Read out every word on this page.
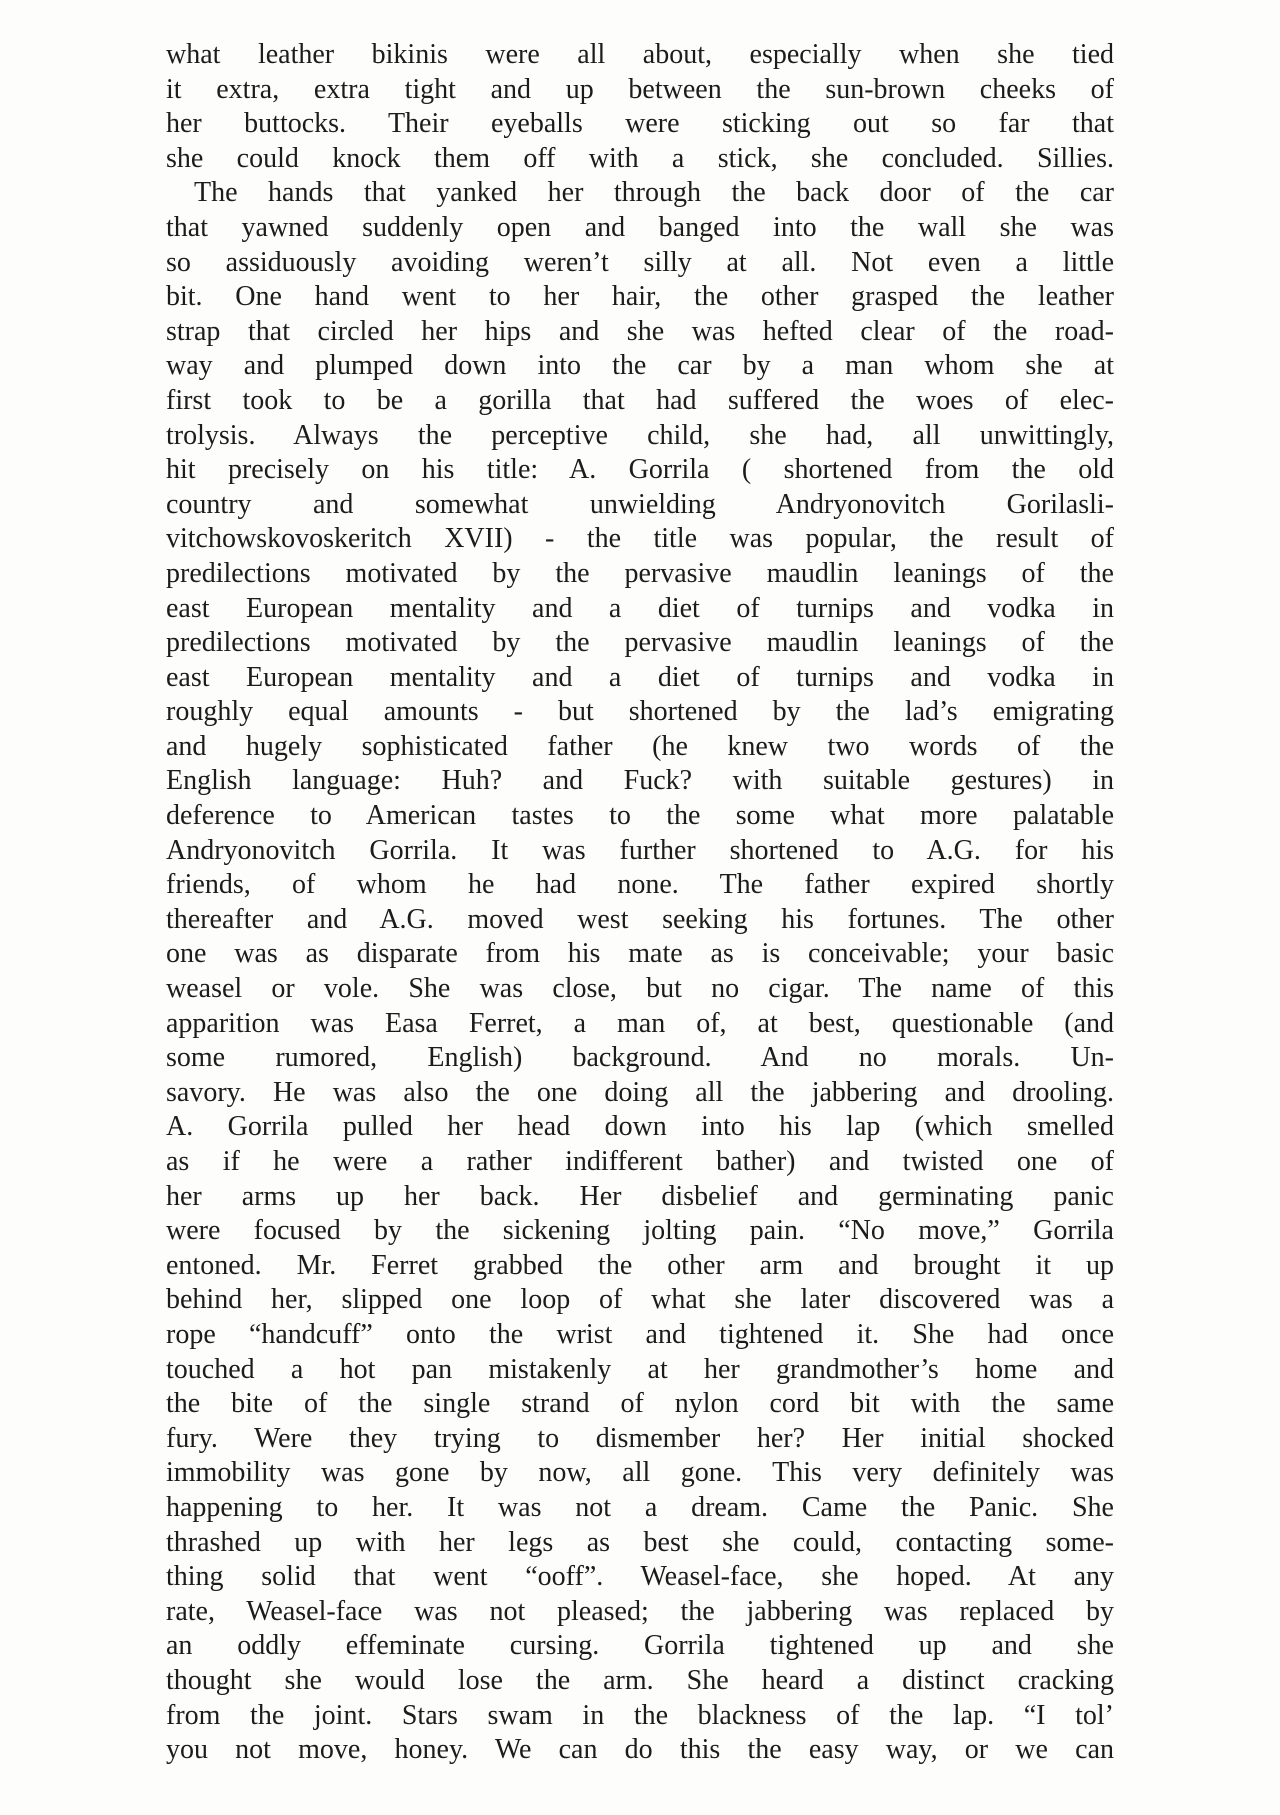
what leather bikinis were all about, especially when she tied
it extra, extra tight and up between the sun-brown cheeks of
her buttocks. Their eyeballs were sticking out so far that
she could knock them off with a stick, she concluded. Sillies.
 The hands that yanked her through the back door of the car
that yawned suddenly open and banged into the wall she was
so assiduously avoiding weren’t silly at all. Not even a little
bit. One hand went to her hair, the other grasped the leather
strap that circled her hips and she was hefted clear of the road-
way and plumped down into the car by a man whom she at
first took to be a gorilla that had suffered the woes of elec-
trolysis. Always the perceptive child, she had, all unwittingly,
hit precisely on his title: A. Gorrila ( shortened from the old
country and somewhat unwielding Andryonovitch Gorilasli-
vitchowskovoskeritch XVII) - the title was popular, the result of
predilections motivated by the pervasive maudlin leanings of the
east European mentality and a diet of turnips and vodka in
predilections motivated by the pervasive maudlin leanings of the
east European mentality and a diet of turnips and vodka in
roughly equal amounts - but shortened by the lad’s emigrating
and hugely sophisticated father (he knew two words of the
English language: Huh? and Fuck? with suitable gestures) in
deference to American tastes to the some what more palatable
Andryonovitch Gorrila. It was further shortened to A.G. for his
friends, of whom he had none. The father expired shortly
thereafter and A.G. moved west seeking his fortunes. The other
one was as disparate from his mate as is conceivable; your basic
weasel or vole. She was close, but no cigar. The name of this
apparition was Easa Ferret, a man of, at best, questionable (and
some rumored, English) background. And no morals. Un-
savory. He was also the one doing all the jabbering and drooling.
A. Gorrila pulled her head down into his lap (which smelled
as if he were a rather indifferent bather) and twisted one of
her arms up her back. Her disbelief and germinating panic
were focused by the sickening jolting pain. “No move,” Gorrila
entoned. Mr. Ferret grabbed the other arm and brought it up
behind her, slipped one loop of what she later discovered was a
rope “handcuff” onto the wrist and tightened it. She had once
touched a hot pan mistakenly at her grandmother’s home and
the bite of the single strand of nylon cord bit with the same
fury. Were they trying to dismember her? Her initial shocked
immobility was gone by now, all gone. This very definitely was
happening to her. It was not a dream. Came the Panic. She
thrashed up with her legs as best she could, contacting some-
thing solid that went “ooff”. Weasel-face, she hoped. At any
rate, Weasel-face was not pleased; the jabbering was replaced by
an oddly effeminate cursing. Gorrila tightened up and she
thought she would lose the arm. She heard a distinct cracking
from the joint. Stars swam in the blackness of the lap. “I tol’
you not move, honey. We can do this the easy way, or we can
